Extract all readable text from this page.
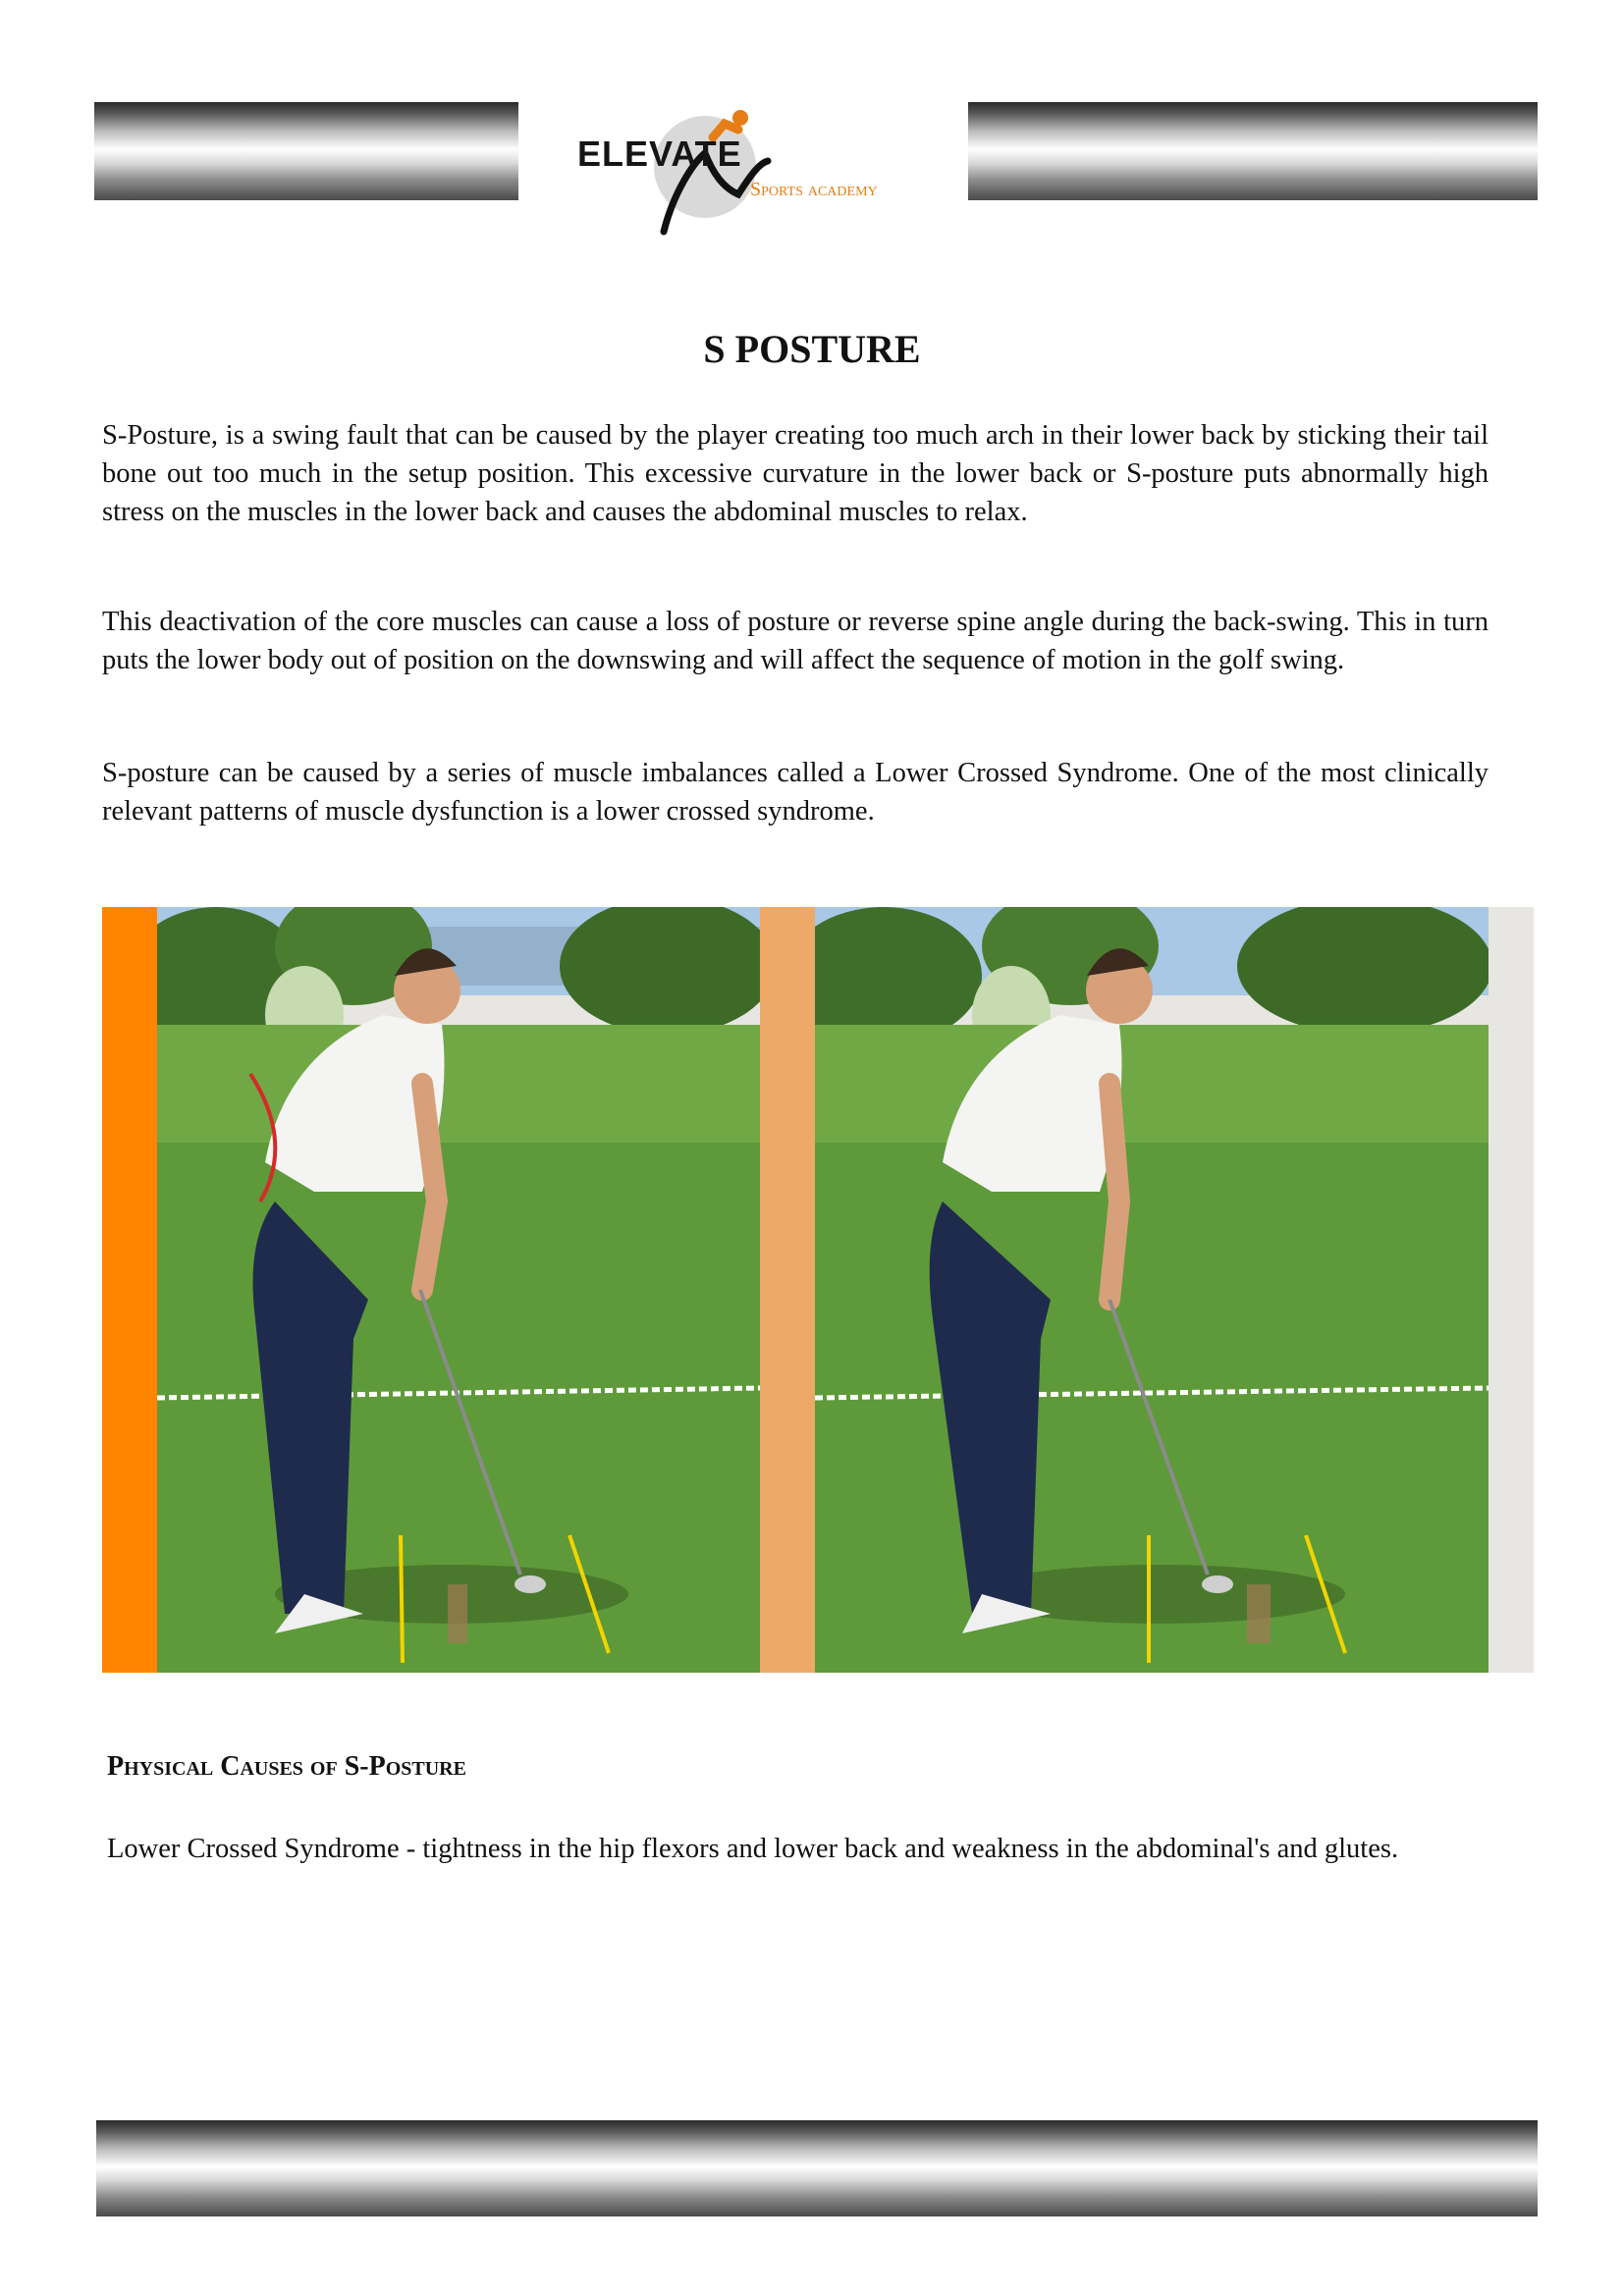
ELEVATE
Sports academy
S POSTURE

S-Posture, is a swing fault that can be caused by the player creating too much arch in their lower back by sticking their tail bone out too much in the setup position. This excessive curvature in the lower back or S-posture puts abnormally high stress on the muscles in the lower back and causes the abdominal muscles to relax.

This deactivation of the core muscles can cause a loss of posture or reverse spine angle during the back-swing. This in turn puts the lower body out of position on the downswing and will affect the sequence of motion in the golf swing.

S-posture can be caused by a series of muscle imbalances called a Lower Crossed Syndrome. One of the most clinically relevant patterns of muscle dysfunction is a lower crossed syndrome.

Physical Causes of S-Posture

Lower Crossed Syndrome - tightness in the hip flexors and lower back and weakness in the abdominal's and glutes.
